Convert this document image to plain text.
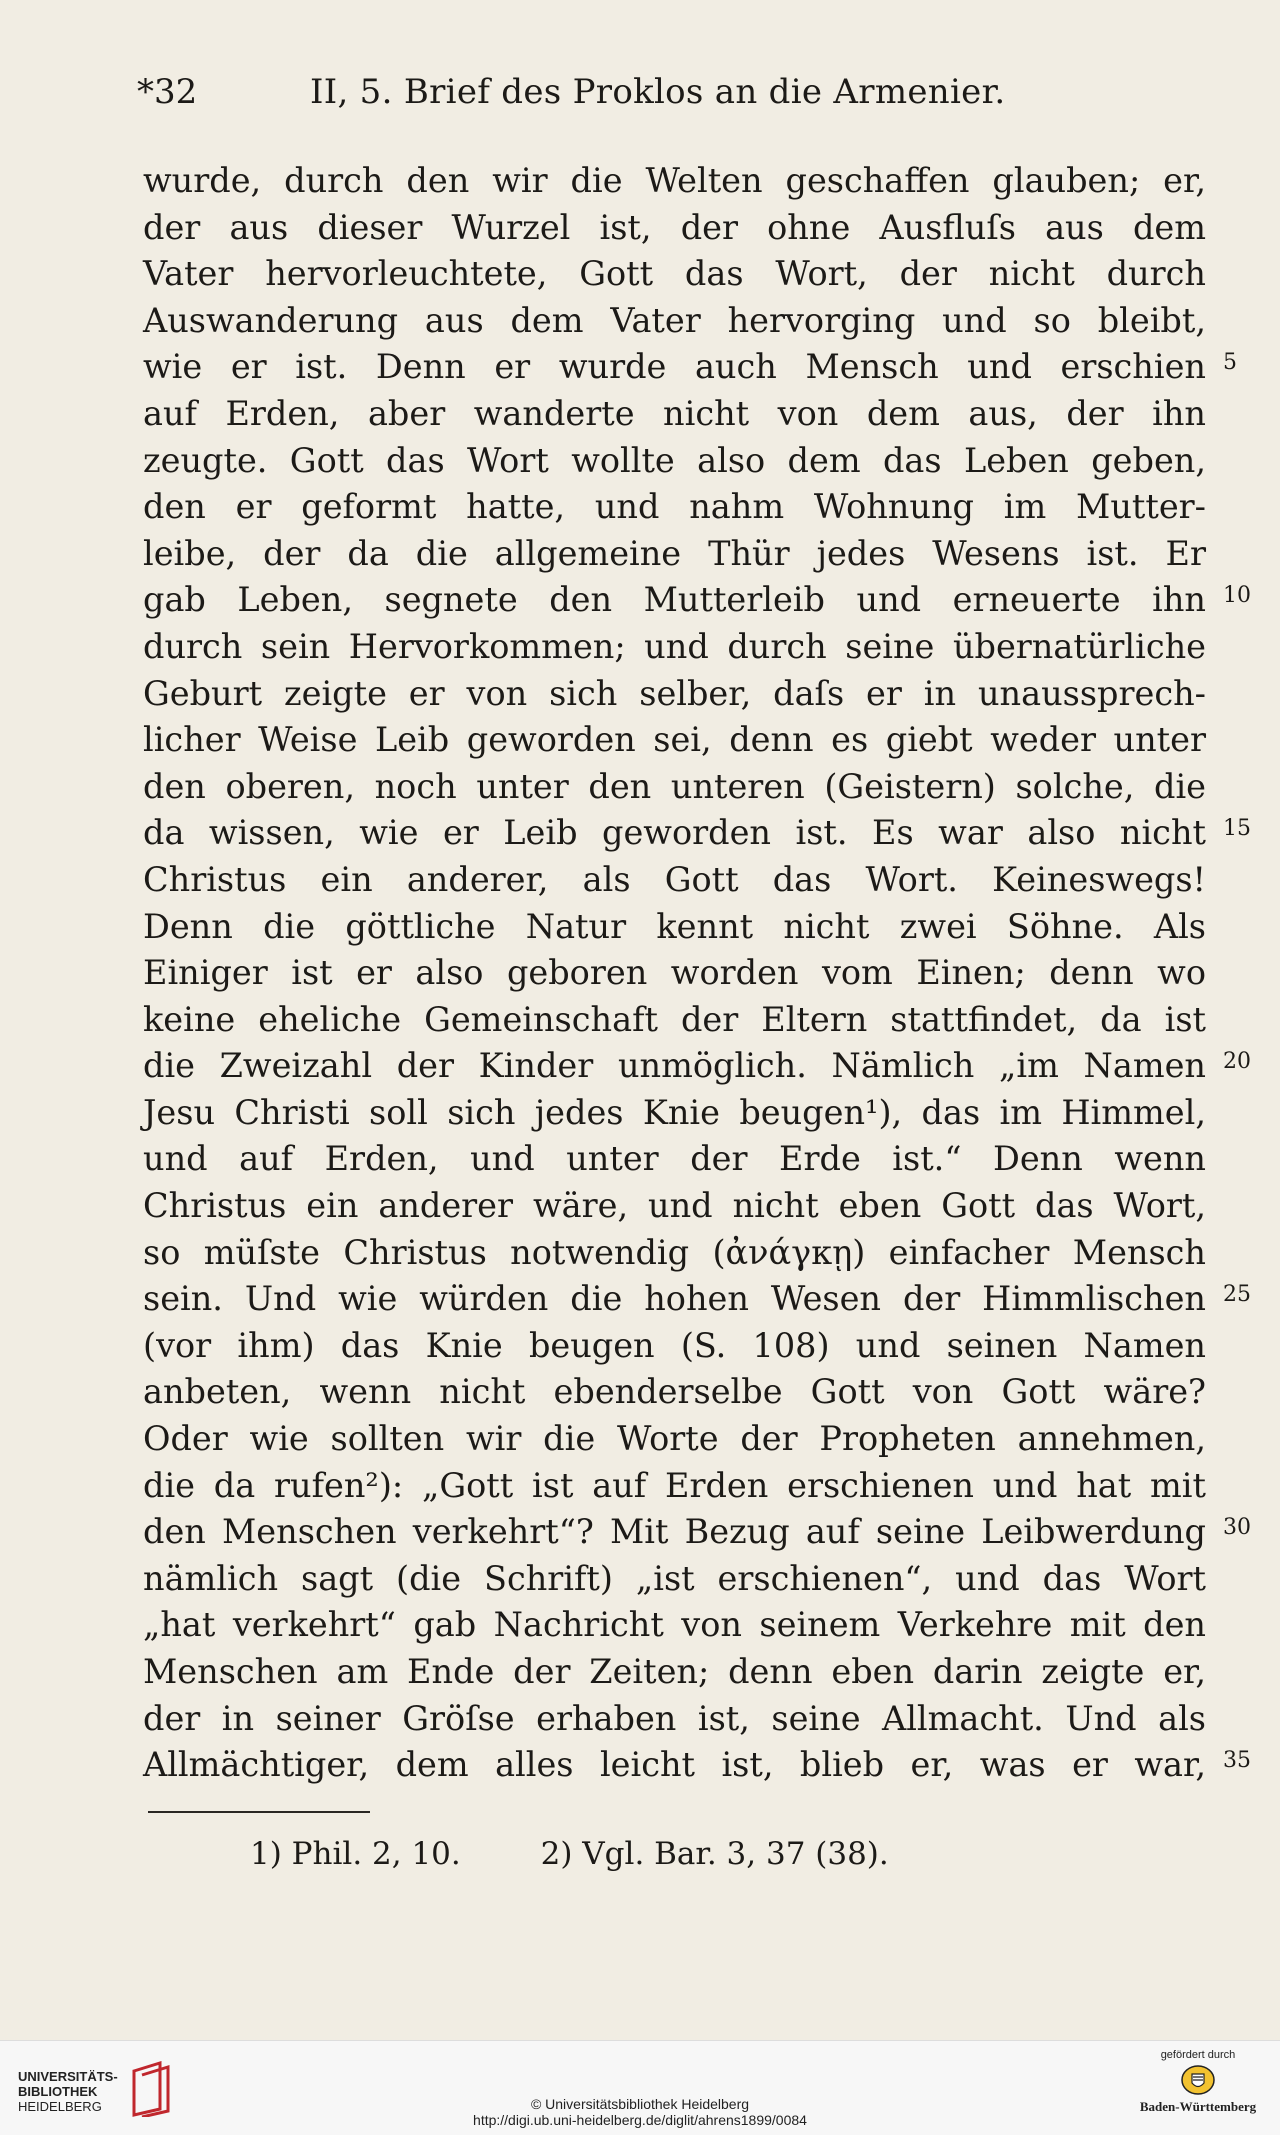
*32	II, 5. Brief des Proklos an die Armenier.
wurde, durch den wir die Welten geschaffen glauben; er,
der aus dieser Wurzel ist, der ohne Ausfluſs aus dem
Vater hervorleuchtete, Gott das Wort, der nicht durch
Auswanderung aus dem Vater hervorging und so bleibt,
wie er ist. Denn er wurde auch Mensch und erschien 5
auf Erden, aber wanderte nicht von dem aus, der ihn
zeugte. Gott das Wort wollte also dem das Leben geben,
den er geformt hatte, und nahm Wohnung im Mutter-
leibe, der da die allgemeine Thür jedes Wesens ist. Er
gab Leben, segnete den Mutterleib und erneuerte ihn 10
durch sein Hervorkommen; und durch seine übernatürliche
Geburt zeigte er von sich selber, daſs er in unaussprech-
licher Weise Leib geworden sei, denn es giebt weder unter
den oberen, noch unter den unteren (Geistern) solche, die
da wissen, wie er Leib geworden ist. Es war also nicht 15
Christus ein anderer, als Gott das Wort. Keineswegs!
Denn die göttliche Natur kennt nicht zwei Söhne. Als
Einiger ist er also geboren worden vom Einen; denn wo
keine eheliche Gemeinschaft der Eltern stattfindet, da ist
die Zweizahl der Kinder unmöglich. Nämlich „im Namen 20
Jesu Christi soll sich jedes Knie beugen¹), das im Himmel,
und auf Erden, und unter der Erde ist.“ Denn wenn
Christus ein anderer wäre, und nicht eben Gott das Wort,
so müſste Christus notwendig (ἀνάγκῃ) einfacher Mensch
sein. Und wie würden die hohen Wesen der Himmlischen 25
(vor ihm) das Knie beugen (S. 108) und seinen Namen
anbeten, wenn nicht ebenderselbe Gott von Gott wäre?
Oder wie sollten wir die Worte der Propheten annehmen,
die da rufen²): „Gott ist auf Erden erschienen und hat mit
den Menschen verkehrt“? Mit Bezug auf seine Leibwerdung 30
nämlich sagt (die Schrift) „ist erschienen“, und das Wort
„hat verkehrt“ gab Nachricht von seinem Verkehre mit den
Menschen am Ende der Zeiten; denn eben darin zeigte er,
der in seiner Gröſse erhaben ist, seine Allmacht. Und als
Allmächtiger, dem alles leicht ist, blieb er, was er war, 35
1) Phil. 2, 10.	2) Vgl. Bar. 3, 37 (38).
UNIVERSITÄTS-
BIBLIOTHEK
HEIDELBERG	© Universitätsbibliothek Heidelberg
http://digi.ub.uni-heidelberg.de/diglit/ahrens1899/0084
gefördert durch
Baden-Württemberg
